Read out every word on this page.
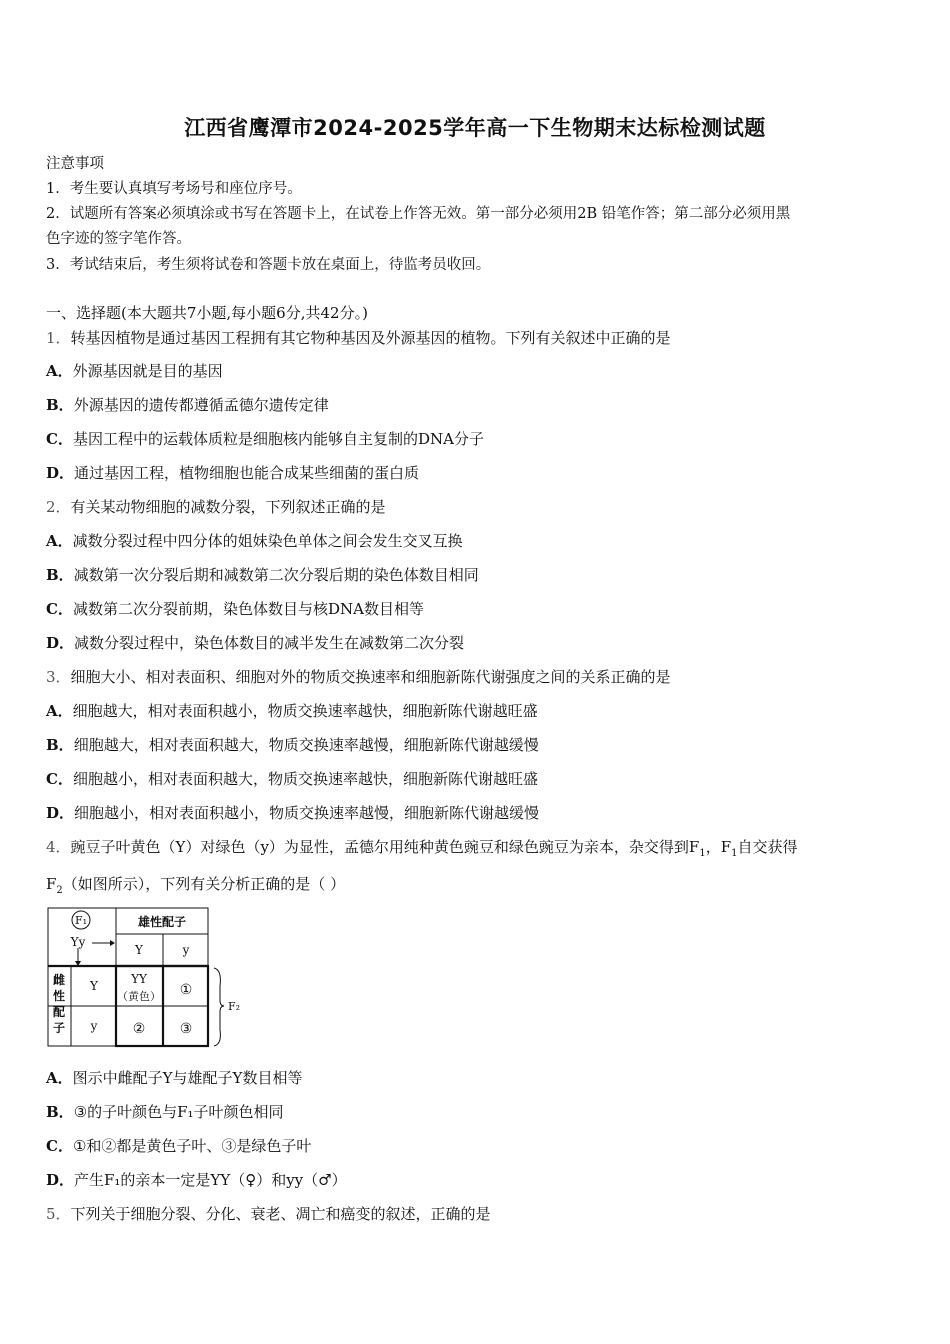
江西省鹰潭市2024-2025学年高一下生物期末达标检测试题
注意事项
1．考生要认真填写考场号和座位序号。
2．试题所有答案必须填涂或书写在答题卡上，在试卷上作答无效。第一部分必须用2B 铅笔作答；第二部分必须用黑
色字迹的签字笔作答。
3．考试结束后，考生须将试卷和答题卡放在桌面上，待监考员收回。
一、选择题(本大题共7小题,每小题6分,共42分。)
1．转基因植物是通过基因工程拥有其它物种基因及外源基因的植物。下列有关叙述中正确的是
A．外源基因就是目的基因
B．外源基因的遗传都遵循孟德尔遗传定律
C．基因工程中的运载体质粒是细胞核内能够自主复制的DNA分子
D．通过基因工程，植物细胞也能合成某些细菌的蛋白质
2．有关某动物细胞的减数分裂，下列叙述正确的是
A．减数分裂过程中四分体的姐妹染色单体之间会发生交叉互换
B．减数第一次分裂后期和减数第二次分裂后期的染色体数目相同
C．减数第二次分裂前期，染色体数目与核DNA数目相等
D．减数分裂过程中，染色体数目的减半发生在减数第二次分裂
3．细胞大小、相对表面积、细胞对外的物质交换速率和细胞新陈代谢强度之间的关系正确的是
A．细胞越大，相对表面积越小，物质交换速率越快，细胞新陈代谢越旺盛
B．细胞越大，相对表面积越大，物质交换速率越慢，细胞新陈代谢越缓慢
C．细胞越小，相对表面积越大，物质交换速率越快，细胞新陈代谢越旺盛
D．细胞越小，相对表面积越小，物质交换速率越慢，细胞新陈代谢越缓慢
4．豌豆子叶黄色（Y）对绿色（y）为显性，孟德尔用纯种黄色豌豆和绿色豌豆为亲本，杂交得到$F_1$，$F_1$自交获得
$F_2$（如图所示），下列有关分析正确的是（ ）
F₁
Yy
雄性配子
Y	y
Y
y
YY
（黄色） ①
② ③
F₂
雌性配子
A．图示中雌配子Y与雄配子Y数目相等
B．③的子叶颜色与F₁子叶颜色相同
C．①和②都是黄色子叶、③是绿色子叶
D．产生F₁的亲本一定是YY（♀）和yy（♂）
5．下列关于细胞分裂、分化、衰老、凋亡和癌变的叙述，正确的是
